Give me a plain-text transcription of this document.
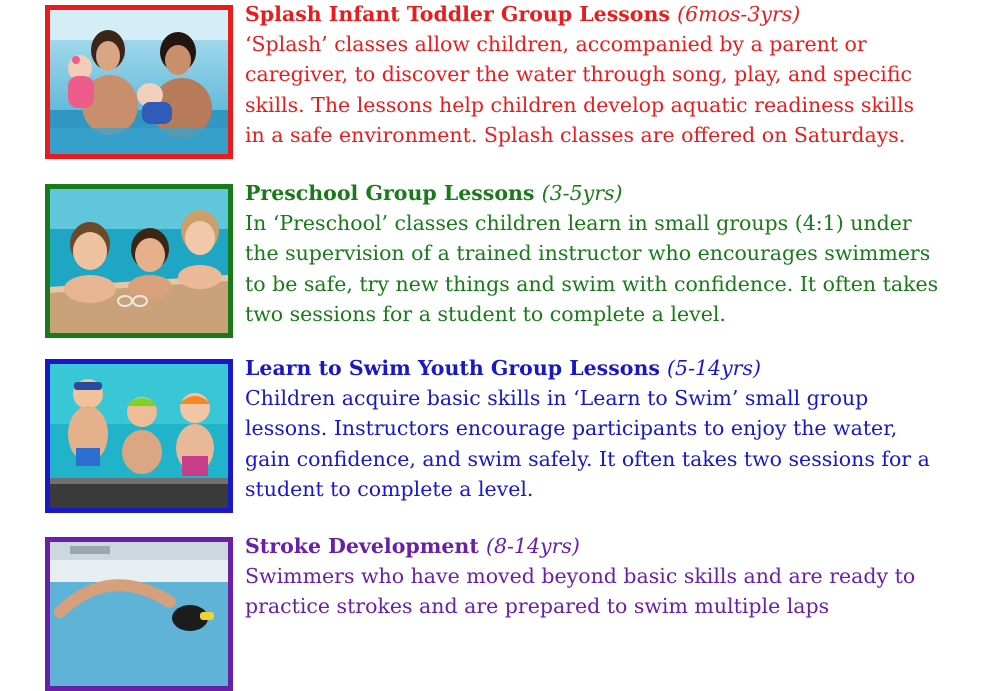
Splash Infant Toddler Group Lessons (6mos-3yrs)
‘Splash’ classes allow children, accompanied by a parent or
caregiver, to discover the water through song, play, and specific
skills. The lessons help children develop aquatic readiness skills
in a safe environment. Splash classes are offered on Saturdays.
Preschool Group Lessons (3-5yrs)
In ‘Preschool’ classes children learn in small groups (4:1) under
the supervision of a trained instructor who encourages swimmers
to be safe, try new things and swim with confidence. It often takes
two sessions for a student to complete a level.
Learn to Swim Youth Group Lessons (5-14yrs)
Children acquire basic skills in ‘Learn to Swim’ small group
lessons. Instructors encourage participants to enjoy the water,
gain confidence, and swim safely. It often takes two sessions for a
student to complete a level.
Stroke Development (8-14yrs)
Swimmers who have moved beyond basic skills and are ready to
practice strokes and are prepared to swim multiple laps
